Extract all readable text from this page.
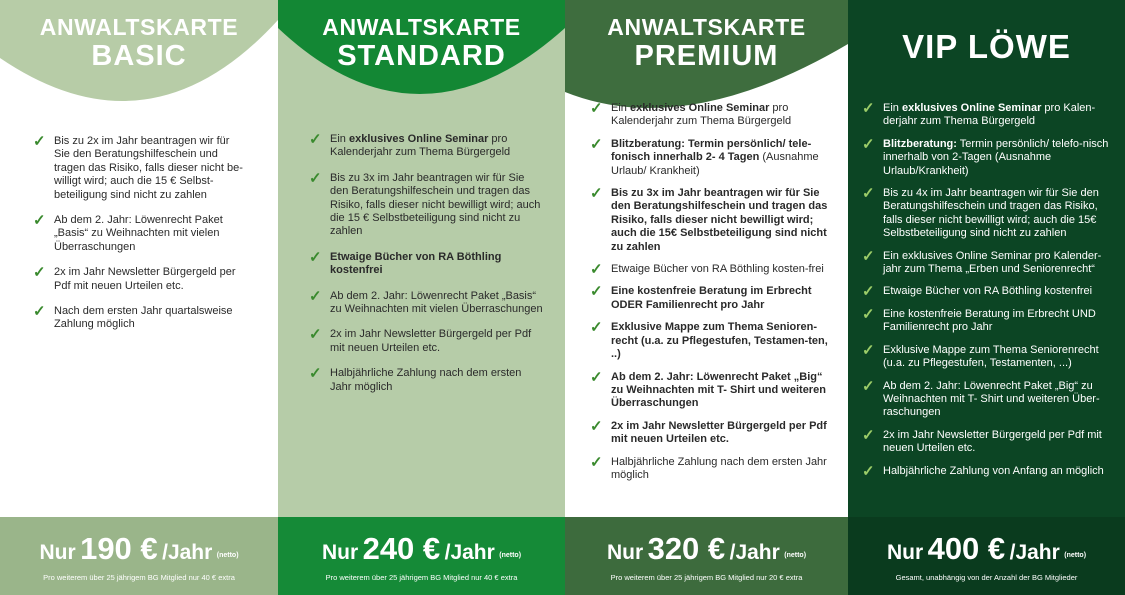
ANWALTSKARTE
BASIC
✓ Bis zu 2x im Jahr beantragen wir für Sie den Beratungshilfeschein und tragen das Risiko, falls dieser nicht be-willigt wird; auch die 15 € Selbst-beteiligung sind nicht zu zahlen
✓ Ab dem 2. Jahr: Löwenrecht Paket „Basis“ zu Weihnachten mit vielen Überraschungen
✓ 2x im Jahr Newsletter Bürgergeld per Pdf mit neuen Urteilen etc.
✓ Nach dem ersten Jahr quartalsweise Zahlung möglich
Nur 190 € /Jahr (netto)
Pro weiterem über 25 jährigem BG Mitglied nur 40 € extra
ANWALTSKARTE
STANDARD
✓ Ein exklusives Online Seminar pro Kalenderjahr zum Thema Bürgergeld
✓ Bis zu 3x im Jahr beantragen wir für Sie den Beratungshilfeschein und tragen das Risiko, falls dieser nicht bewilligt wird; auch die 15 € Selbstbeteiligung sind nicht zu zahlen
✓ Etwaige Bücher von RA Böthling kostenfrei
✓ Ab dem 2. Jahr: Löwenrecht Paket „Basis“ zu Weihnachten mit vielen Überraschungen
✓ 2x im Jahr Newsletter Bürgergeld per Pdf mit neuen Urteilen etc.
✓ Halbjährliche Zahlung nach dem ersten Jahr möglich
Nur 240 € /Jahr (netto)
Pro weiterem über 25 jährigem BG Mitglied nur 40 € extra
ANWALTSKARTE
PREMIUM
✓ Ein exklusives Online Seminar pro Kalenderjahr zum Thema Bürgergeld
✓ Blitzberatung: Termin persönlich/ tele-fonisch innerhalb 2- 4 Tagen (Ausnahme Urlaub/ Krankheit)
✓ Bis zu 3x im Jahr beantragen wir für Sie den Beratungshilfeschein und tragen das Risiko, falls dieser nicht bewilligt wird; auch die 15€ Selbstbeteiligung sind nicht zu zahlen
✓ Etwaige Bücher von RA Böthling kosten-frei
✓ Eine kostenfreie Beratung im Erbrecht ODER Familienrecht pro Jahr
✓ Exklusive Mappe zum Thema Senioren-recht (u.a. zu Pflegestufen, Testamen-ten, ..)
✓ Ab dem 2. Jahr: Löwenrecht Paket „Big“ zu Weihnachten mit T- Shirt und weiteren Überraschungen
✓ 2x im Jahr Newsletter Bürgergeld per Pdf mit neuen Urteilen etc.
✓ Halbjährliche Zahlung nach dem ersten Jahr möglich
Nur 320 € /Jahr (netto)
Pro weiterem über 25 jährigem BG Mitglied nur 20 € extra
VIP LÖWE
✓ Ein exklusives Online Seminar pro Kalen-derjahr zum Thema Bürgergeld
✓ Blitzberatung: Termin persönlich/ telefo-nisch innerhalb von 2-Tagen (Ausnahme Urlaub/Krankheit)
✓ Bis zu 4x im Jahr beantragen wir für Sie den Beratungshilfeschein und tragen das Risiko, falls dieser nicht bewilligt wird; auch die 15€ Selbstbeteiligung sind nicht zu zahlen
✓ Ein exklusives Online Seminar pro Kalender-jahr zum Thema „Erben und Seniorenrecht“
✓ Etwaige Bücher von RA Böthling kostenfrei
✓ Eine kostenfreie Beratung im Erbrecht UND Familienrecht pro Jahr
✓ Exklusive Mappe zum Thema Seniorenrecht (u.a. zu Pflegestufen, Testamenten, ...)
✓ Ab dem 2. Jahr: Löwenrecht Paket „Big“ zu Weihnachten mit T- Shirt und weiteren Über-raschungen
✓ 2x im Jahr Newsletter Bürgergeld per Pdf mit neuen Urteilen etc.
✓ Halbjährliche Zahlung von Anfang an möglich
Nur 400 € /Jahr (netto)
Gesamt, unabhängig von der Anzahl der BG Mitglieder
